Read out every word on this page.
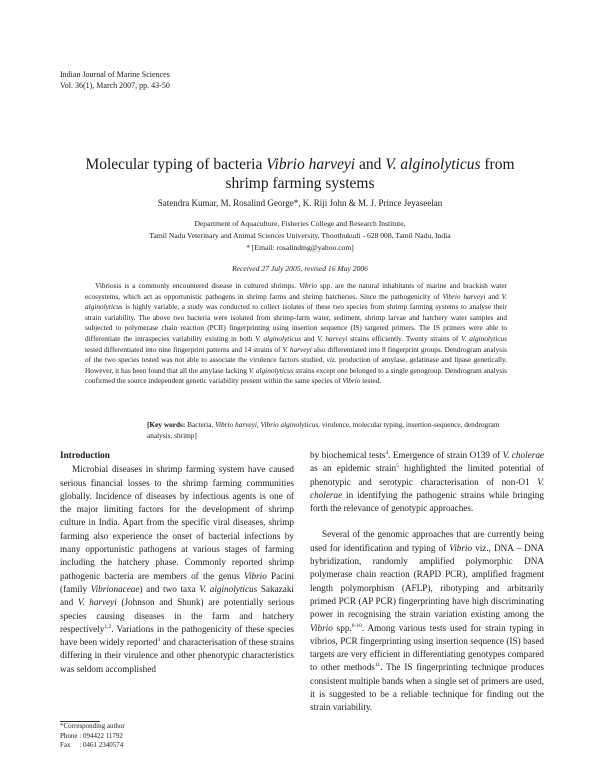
Indian Journal of Marine Sciences
Vol. 36(1), March 2007, pp. 43-50
Molecular typing of bacteria Vibrio harveyi and V. alginolyticus from
shrimp farming systems
Satendra Kumar, M. Rosalind George*, K. Riji John & M. J. Prince Jeyaseelan
Department of Aquaculture, Fisheries College and Research Institute,
Tamil Nadu Veterinary and Animal Sciences University, Thoothukudi - 628 008, Tamil Nadu, India
* [Email: rosalindmg@yahoo.com]
Received 27 July 2005, revised 16 May 2006
Vibriosis is a commonly encountered disease in cultured shrimps. Vibrio spp. are the natural inhabitants of marine and brackish water ecosystems, which act as opportunistic pathogens in shrimp farms and shrimp hatcheries. Since the pathogenicity of Vibrio harveyi and V. alginolyticus is highly variable, a study was conducted to collect isolates of these two species from shrimp farming systems to analyse their strain variability. The above two bacteria were isolated from shrimp-farm water, sediment, shrimp larvae and hatchery water samples and subjected to polymerase chain reaction (PCR) fingerprinting using insertion sequence (IS) targeted primers. The IS primers were able to differentiate the intraspecies variability existing in both V. alginolyticus and V. harveyi strains efficiently. Twenty strains of V. alginolyticus tested differentiated into nine fingerprint patterns and 14 strains of V. harveyi also differentiated into 8 fingerprint groups. Dendrogram analysis of the two species tested was not able to associate the virulence factors studied, viz. production of amylase, gelatinase and lipase genetically. However, it has been found that all the amylase lacking V. alginolyticus strains except one belonged to a single genogroup. Dendrogram analysis confirmed the source independent genetic variability present within the same species of Vibrio tested.
[Key words: Bacteria, Vibrio harveyi, Vibrio alginolyticus, virulence, molecular typing, insertion-sequence, dendrogram analysis, shrimp]
Introduction

Microbial diseases in shrimp farming system have caused serious financial losses to the shrimp farming communities globally. Incidence of diseases by infectious agents is one of the major limiting factors for the development of shrimp culture in India. Apart from the specific viral diseases, shrimp farming also experience the onset of bacterial infections by many opportunistic pathogens at various stages of farming including the hatchery phase. Commonly reported shrimp pathogenic bacteria are members of the genus Vibrio Pacini (family Vibrionaceae) and two taxa V. alginolyticus Sakazaki and V. harveyi (Johnson and Shunk) are potentially serious species causing diseases in the farm and hatchery respectively$^{1,2}$. Variations in the pathogenicity of these species have been widely reported$^3$ and characterisation of these strains differing in their virulence and other phenotypic characteristics was seldom accomplished

by biochemical tests$^4$. Emergence of strain O139 of V. cholerae as an epidemic strain$^5$ highlighted the limited potential of phenotypic and serotypic characterisation of non-O1 V. cholerae in identifying the pathogenic strains while bringing forth the relevance of genotypic approaches.

Several of the genomic approaches that are currently being used for identification and typing of Vibrio viz., DNA – DNA hybridization, randomly amplified polymorphic DNA polymerase chain reaction (RAPD PCR), amplified fragment length polymorphism (AFLP), ribotyping and arbitrarily primed PCR (AP PCR) fingerprinting have high discriminating power in recognising the strain variation existing among the Vibrio spp.$^{6-10}$. Among various tests used for strain typing in vibrios, PCR fingerprinting using insertion sequence (IS) based targets are very efficient in differentiating genotypes compared to other methods$^{11}$. The IS fingerprinting technique produces consistent multiple bands when a single set of primers are used, it is suggested to be a reliable technique for finding out the strain variability.

*Corresponding author
Phone : 094422 11792
Fax     : 0461 2340574
